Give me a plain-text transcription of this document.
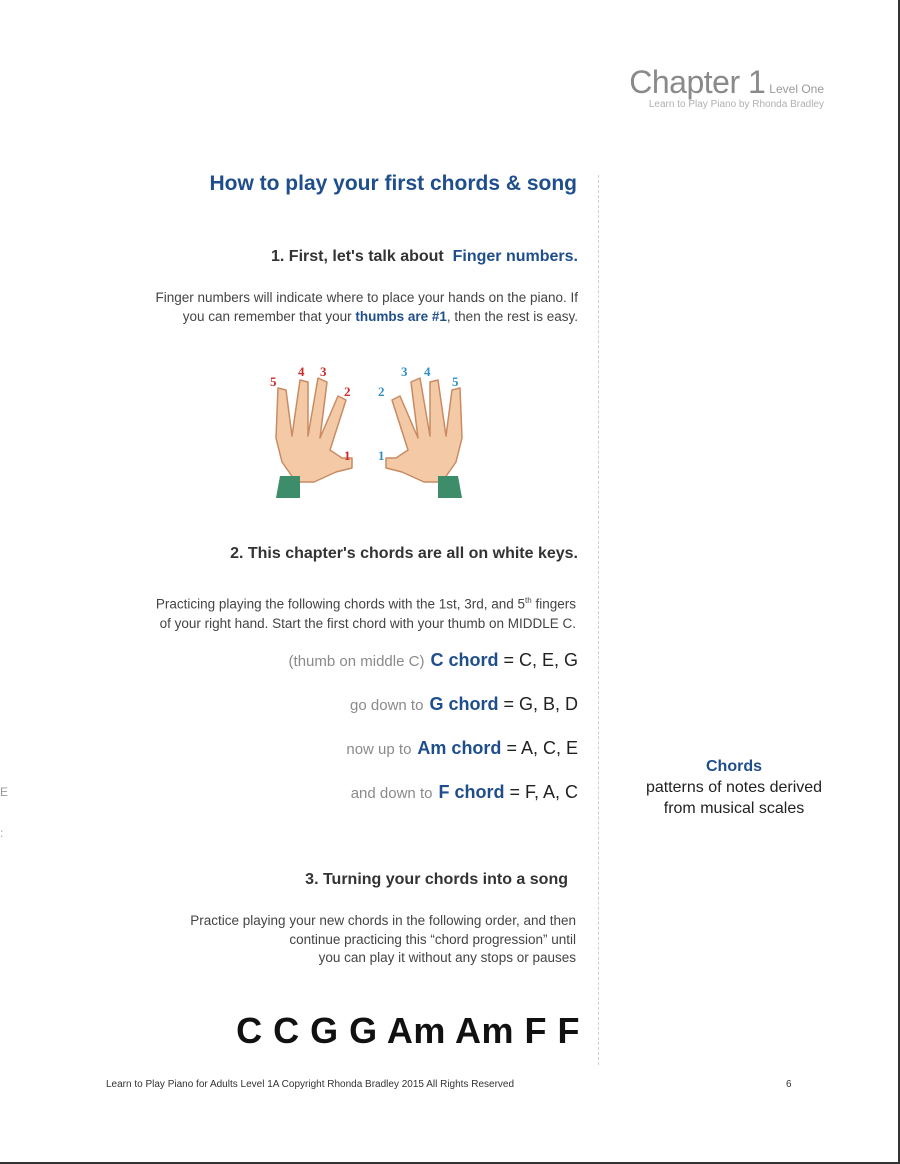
E
:
Chapter 1 Level One
Learn to Play Piano by Rhonda Bradley
How to play your first chords & song
1. First, let's talk about Finger numbers.
Finger numbers will indicate where to place your hands on the piano. If
you can remember that your thumbs are #1, then the rest is easy.
5
4 3
2
1 1
2
3 4
5
2. This chapter's chords are all on white keys.
Practicing playing the following chords with the 1st, 3rd, and 5th fingers
of your right hand. Start the first chord with your thumb on MIDDLE C.
(thumb on middle C) C chord = C, E, G
go down to G chord = G, B, D
now up to Am chord = A, C, E
and down to F chord = F, A, C
Chords
patterns of notes derived
from musical scales
3. Turning your chords into a song
Practice playing your new chords in the following order, and then
continue practicing this “chord progression” until
you can play it without any stops or pauses
C C G G Am Am F F
Learn to Play Piano for Adults Level 1A Copyright Rhonda Bradley 2015 All Rights Reserved	6
